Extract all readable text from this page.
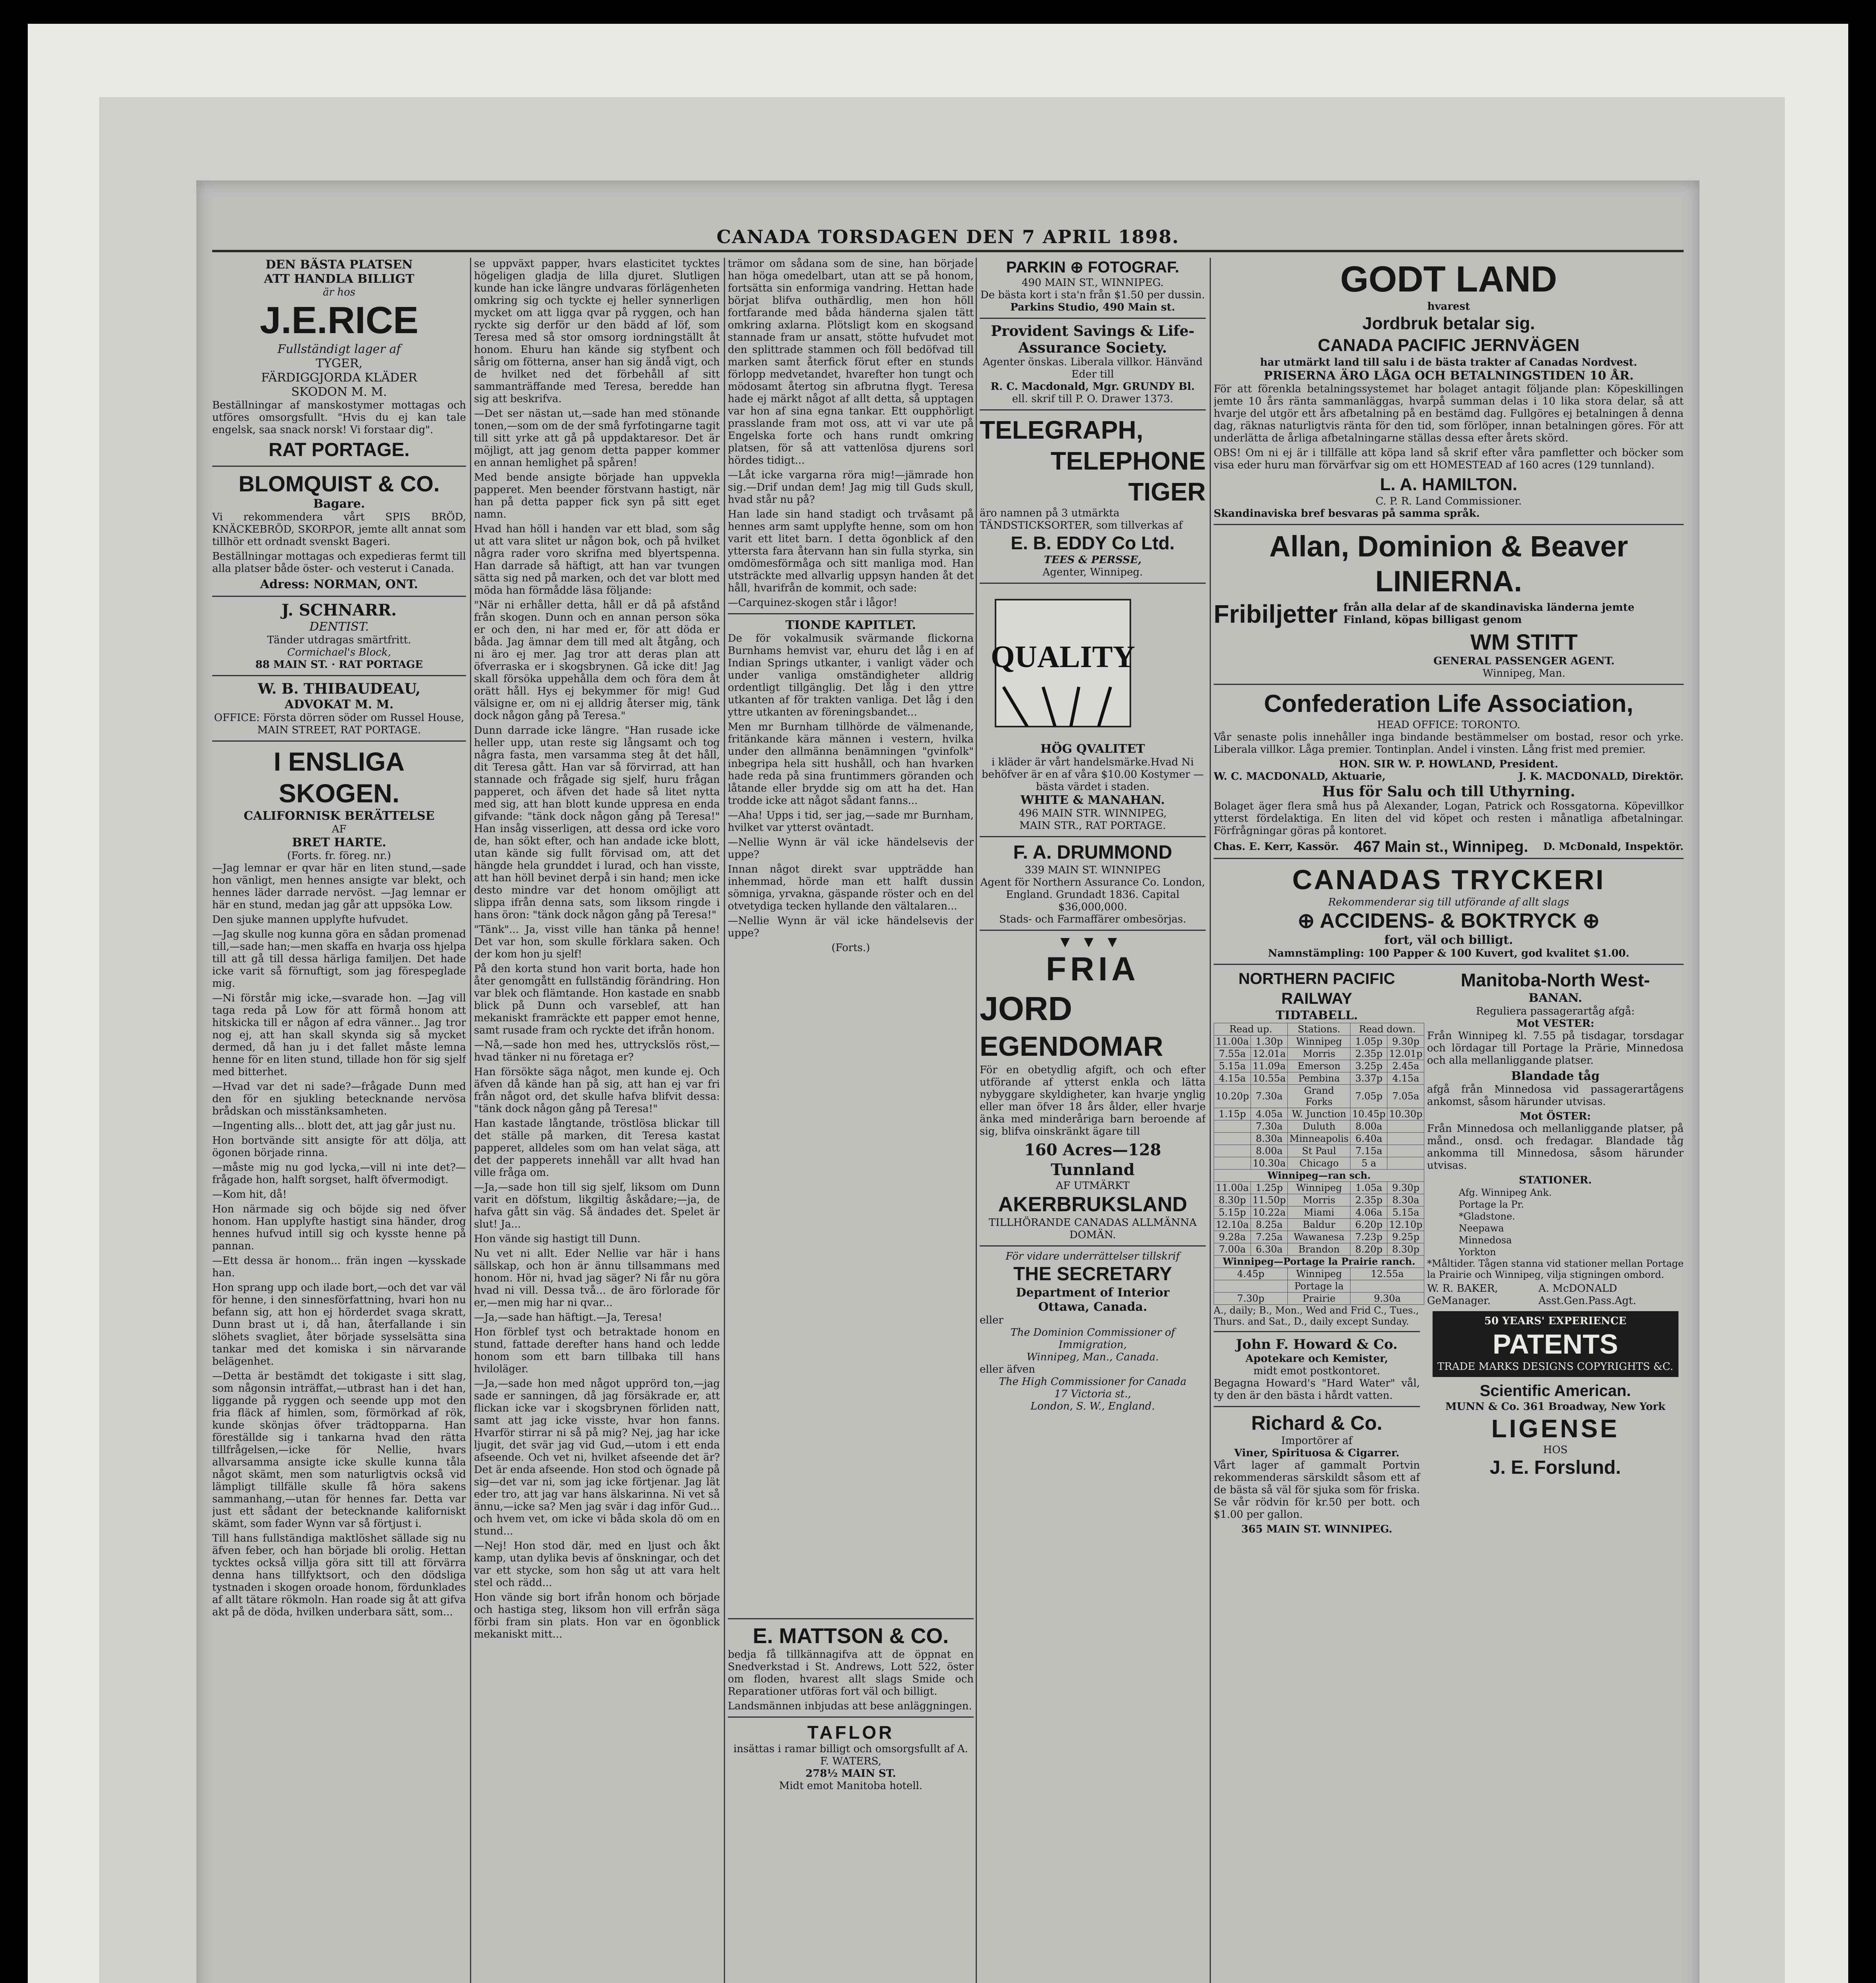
CANADA TORSDAGEN DEN 7 APRIL 1898.
DEN BÄSTA PLATSEN
ATT HANDLA BILLIGT
är hos
J.E.RICE
Fullständigt lager af
TYGER,
FÄRDIGGJORDA KLÄDER
SKODON M. M.

Beställningar af manskostymer mottagas och utföres omsorgsfullt. "Hvis du ej kan tale engelsk, saa snack norsk! Vi forstaar dig".

RAT PORTAGE.
BLOMQUIST & CO.
Bagare.

Vi rekommendera vårt SPIS BRÖD, KNÄCKEBRÖD, SKORPOR, jemte allt annat som tillhör ett ordnadt svenskt Bageri.

Beställningar mottagas och expedieras fermt till alla platser både öster- och vesterut i Canada.

Adress: NORMAN, ONT.
J. SCHNARR.
DENTIST.
Tänder utdragas smärtfritt.
Cormichael's Block,
88 MAIN ST. · RAT PORTAGE
W. B. THIBAUDEAU,
ADVOKAT M. M.
OFFICE: Första dörren söder om Russel House,
MAIN STREET, RAT PORTAGE.
I ENSLIGA SKOGEN.
CALIFORNISK BERÄTTELSE
AF
BRET HARTE.
(Forts. fr. föreg. nr.)

—Jag lemnar er qvar här en liten stund,—sade hon vänligt, men hennes ansigte var blekt, och hennes läder darrade nervöst. —Jag lemnar er här en stund, medan jag går att uppsöka Low.

Den sjuke mannen upplyfte hufvudet.

—Jag skulle nog kunna göra en sådan promenad till,—sade han;—men skaffa en hvarja oss hjelpa till att gå till dessa härliga familjen. Det hade icke varit så förnuftigt, som jag förespeglade mig.

—Ni förstår mig icke,—svarade hon. —Jag vill taga reda på Low för att förmå honom att hitskicka till er någon af edra vänner... Jag tror nog ej, att han skall skynda sig så mycket dermed, då han ju i det fallet måste lemna henne för en liten stund, tillade hon för sig sjelf med bitterhet.

—Hvad var det ni sade?—frågade Dunn med den för en sjukling betecknande nervösa brådskan och misstänksamheten.

—Ingenting alls... blott det, att jag går just nu.

Hon bortvände sitt ansigte för att dölja, att ögonen började rinna.

—måste mig nu god lycka,—vill ni inte det?—frågade hon, halft sorgset, halft öfvermodigt.

—Kom hit, då!

Hon närmade sig och böjde sig ned öfver honom. Han upplyfte hastigt sina händer, drog hennes hufvud intill sig och kysste henne på pannan.

—Ett dessa är honom... frän ingen —kysskade han.

Hon sprang upp och ilade bort,—och det var väl för henne, i den sinnesförfattning, hvari hon nu befann sig, att hon ej hörderdet svaga skratt, Dunn brast ut i, då han, återfallande i sin slöhets svagliet, åter började sysselsätta sina tankar med det komiska i sin närvarande belägenhet.

—Detta är bestämdt det tokigaste i sitt slag, som någonsin inträffat,—utbrast han i det han, liggande på ryggen och seende upp mot den fria fläck af himlen, som, förmörkad af rök, kunde skönjas öfver trädtopparna. Han föreställde sig i tankarna hvad den rätta tillfrågelsen,—icke för Nellie, hvars allvarsamma ansigte icke skulle kunna tåla något skämt, men som naturligtvis också vid lämpligt tillfälle skulle få höra sakens sammanhang,—utan för hennes far. Detta var just ett sådant der betecknande kaliforniskt skämt, som fader Wynn var så förtjust i.

Till hans fullständiga maktlöshet sällade sig nu äfven feber, och han började bli orolig. Hettan tycktes också villja göra sitt till att förvärra denna hans tillfyktsort, och den dödsliga tystnaden i skogen oroade honom, fördunklades af allt tätare rökmoln. Han roade sig åt att gifva akt på de döda, hvilken underbara sätt, som...

se uppväxt papper, hvars elasticitet tycktes högeligen gladja de lilla djuret. Slutligen kunde han icke längre undvaras förlägenheten omkring sig och tyckte ej heller synnerligen mycket om att ligga qvar på ryggen, och han ryckte sig derför ur den bädd af löf, som Teresa med så stor omsorg iordningställt åt honom. Ehuru han kände sig styfbent och sårig om fötterna, anser han sig ändå vigt, och de hvilket ned det förbehåll af sitt sammanträffande med Teresa, beredde han sig att beskrifva.

—Det ser nästan ut,—sade han med stönande tonen,—som om de der små fyrfotingarne tagit till sitt yrke att gå på uppdaktaresor. Det är möjligt, att jag genom detta papper kommer en annan hemlighet på spåren!

Med bende ansigte började han uppvekla papperet. Men beender förstvann hastigt, när han på detta papper fick syn på sitt eget namn.

Hvad han höll i handen var ett blad, som såg ut att vara slitet ur någon bok, och på hvilket några rader voro skrifna med blyertspenna. Han darrade så häftigt, att han var tvungen sätta sig ned på marken, och det var blott med möda han förmådde läsa följande:

"När ni erhåller detta, håll er då på afstånd från skogen. Dunn och en annan person söka er och den, ni har med er, för att döda er båda. Jag ämnar dem till med alt åtgång, och ni äro ej mer. Jag tror att deras plan att öfverraska er i skogsbrynen. Gå icke dit! Jag skall försöka uppehålla dem och föra dem åt orätt håll. Hys ej bekymmer för mig! Gud välsigne er, om ni ej alldrig återser mig, tänk dock någon gång på Teresa."

Dunn darrade icke längre. "Han rusade icke heller upp, utan reste sig långsamt och tog några fasta, men varsamma steg åt det håll, dit Teresa gått. Han var så förvirrad, att han stannade och frågade sig sjelf, huru frågan papperet, och äfven det hade så litet nytta med sig, att han blott kunde uppresa en enda gifvande: "tänk dock någon gång på Teresa!" Han insåg visserligen, att dessa ord icke voro de, han sökt efter, och han andade icke blott, utan kände sig fullt förvisad om, att det hängde hela grunddet i lurad, och han visste, att han höll bevinet derpå i sin hand; men icke desto mindre var det honom omöjligt att slippa ifrån denna sats, som liksom ringde i hans öron: "tänk dock någon gång på Teresa!"

"Tänk"... Ja, visst ville han tänka på henne! Det var hon, som skulle förklara saken. Och der kom hon ju sjelf!

På den korta stund hon varit borta, hade hon åter genomgått en fullständig förändring. Hon var blek och flämtande. Hon kastade en snabb blick på Dunn och varseblef, att han mekaniskt framräckte ett papper emot henne, samt rusade fram och ryckte det ifrån honom.

—Nå,—sade hon med hes, uttryckslös röst,—hvad tänker ni nu företaga er?

Han försökte säga något, men kunde ej. Och äfven då kände han på sig, att han ej var fri från något ord, det skulle hafva blifvit dessa: "tänk dock någon gång på Teresa!"

Han kastade långtande, tröstlösa blickar till det ställe på marken, dit Teresa kastat papperet, alldeles som om han velat säga, att det der papperets innehåll var allt hvad han ville fråga om.

—Ja,—sade hon till sig sjelf, liksom om Dunn varit en döfstum, likgiltig åskådare;—ja, de hafva gått sin väg. Så ändades det. Spelet är slut! Ja...

Hon vände sig hastigt till Dunn.

Nu vet ni allt. Eder Nellie var här i hans sällskap, och hon är ännu tillsammans med honom. Hör ni, hvad jag säger? Ni får nu göra hvad ni vill. Dessa två... de äro förlorade för er,—men mig har ni qvar...

—Ja,—sade han häftigt.—Ja, Teresa!

Hon förblef tyst och betraktade honom en stund, fattade derefter hans hand och ledde honom som ett barn tillbaka till hans hviloläger.

—Ja,—sade hon med något upprörd ton,—jag sade er sanningen, då jag försäkrade er, att flickan icke var i skogsbrynen förliden natt, samt att jag icke visste, hvar hon fanns. Hvarför stirrar ni så på mig? Nej, jag har icke ljugit, det svär jag vid Gud,—utom i ett enda afseende. Och vet ni, hvilket afseende det är? Det är enda afseende. Hon stod och ögnade på sig—det var ni, som jag icke förtjenar. Jag lät eder tro, att jag var hans älskarinna. Ni vet så ännu,—icke sa? Men jag svär i dag inför Gud... och hvem vet, om icke vi båda skola dö om en stund...

—Nej! Hon stod där, med en ljust och åkt kamp, utan dylika bevis af önskningar, och det var ett stycke, som hon såg ut att vara helt stel och rädd...

Hon vände sig bort ifrån honom och började och hastiga steg, liksom hon vill erfrån säga förbi fram sin plats. Hon var en ögonblick mekaniskt mitt...

trämor om sådana som de sine, han började han höga omedelbart, utan att se på honom, fortsätta sin enformiga vandring. Hettan hade börjat blifva outhärdlig, men hon höll fortfarande med båda händerna sjalen tätt omkring axlarna. Plötsligt kom en skogsand stannade fram ur ansatt, stötte hufvudet mot den splittrade stammen och föll bedöfvad till marken samt återfick förut efter en stunds förlopp medvetandet, hvarefter hon tungt och mödosamt återtog sin afbrutna flygt. Teresa hade ej märkt något af allt detta, så upptagen var hon af sina egna tankar. Ett oupphörligt prasslande fram mot oss, att vi var ute på Engelska forte och hans rundt omkring platsen, för så att vattenlösa djurens sorl hördes tidigt...

—Låt icke vargarna röra mig!—jämrade hon sig.—Drif undan dem! Jag mig till Guds skull, hvad står nu på?

Han lade sin hand stadigt och trvåsamt på hennes arm samt upplyfte henne, som om hon varit ett litet barn. I detta ögonblick af den yttersta fara återvann han sin fulla styrka, sin omdömesförmåga och sitt manliga mod. Han utsträckte med allvarlig uppsyn handen åt det håll, hvarifrån de kommit, och sade:

—Carquinez-skogen står i lågor!

TIONDE KAPITLET.

De för vokalmusik svärmande flickorna Burnhams hemvist var, ehuru det låg i en af Indian Springs utkanter, i vanligt väder och under vanliga omständigheter alldrig ordentligt tillgänglig. Det låg i den yttre utkanten af för trakten vanliga. Det låg i den yttre utkanten av föreningsbandet...

Men mr Burnham tillhörde de välmenande, fritänkande kära männen i vestern, hvilka under den allmänna benämningen "gvinfolk" inbegripa hela sitt hushåll, och han hvarken hade reda på sina fruntimmers göranden och låtande eller brydde sig om att ha det. Han trodde icke att något sådant fanns...

—Aha! Upps i tid, ser jag,—sade mr Burnham, hvilket var ytterst oväntadt.

—Nellie Wynn är väl icke händelsevis der uppe?

Innan något direkt svar uppträdde han inhemmad, hörde man ett halft dussin sömniga, yrvakna, gäspande röster och en del otvetydiga tecken hyllande den vältalaren...

—Nellie Wynn är väl icke händelsevis der uppe?

(Forts.)
E. MATTSON & CO.

bedja få tillkännagifva att de öppnat en Snedverkstad i St. Andrews, Lott 522, öster om floden, hvarest allt slags Smide och Reparationer utföras fort väl och billigt.

Landsmännen inbjudas att bese anläggningen.

TAFLOR
insättas i ramar billigt och omsorgsfullt af A. F. WATERS,
278½ MAIN ST.
Midt emot Manitoba hotell.
PARKIN ⊕ FOTOGRAF.
490 MAIN ST., WINNIPEG.
De bästa kort i sta'n från $1.50 per dussin.
Parkins Studio, 490 Main st.
Provident Savings & Life-Assurance Society.
Agenter önskas. Liberala villkor. Hänvänd Eder till
R. C. Macdonald, Mgr. GRUNDY Bl.
ell. skrif till P. O. Drawer 1373.
TELEGRAPH,
TELEPHONE
TIGER
äro namnen på 3 utmärkta TÄNDSTICKSORTER, som tillverkas af
E. B. EDDY Co Ltd.
TEES & PERSSE,
Agenter, Winnipeg.
QUALITY
HÖG QVALITET
i kläder är vårt handelsmärke.Hvad Ni behöfver är en af våra $10.00 Kostymer — bästa värdet i staden.
WHITE & MANAHAN.
496 MAIN STR. WINNIPEG,
MAIN STR., RAT PORTAGE.
F. A. DRUMMOND
339 MAIN ST. WINNIPEG
Agent för Northern Assurance Co. London, England. Grundadt 1836. Capital $36,000,000.
Stads- och Farmaffärer ombesörjas.
▼▼▼
FRIA
JORD
EGENDOMAR

För en obetydlig afgift, och och efter utförande af ytterst enkla och lätta nybyggare skyldigheter, kan hvarje ynglig eller man öfver 18 års ålder, eller hvarje änka med minderåriga barn beroende af sig, blifva oinskränkt ägare till

160 Acres—128 Tunnland
AF UTMÄRKT
AKERBRUKSLAND
TILLHÖRANDE CANADAS ALLMÄNNA DOMÄN.
För vidare underrättelser tillskrif
THE SECRETARY
Department of Interior
Ottawa, Canada.
eller
The Dominion Commissioner of Immigration,
Winnipeg, Man., Canada.
eller äfven
The High Commissioner for Canada
17 Victoria st.,
London, S. W., England.
GODT LAND
hvarest
Jordbruk betalar sig.
CANADA PACIFIC JERNVÄGEN
har utmärkt land till salu i de bästa trakter af Canadas Nordvest.
PRISERNA ÄRO LÅGA OCH BETALNINGSTIDEN 10 ÅR.

För att förenkla betalningssystemet har bolaget antagit följande plan: Köpeskillingen jemte 10 års ränta sammanläggas, hvarpå summan delas i 10 lika stora delar, så att hvarje del utgör ett års afbetalning på en bestämd dag. Fullgöres ej betalningen å denna dag, räknas naturligtvis ränta för den tid, som förlöper, innan betalningen göres. För att underlätta de årliga afbetalningarne ställas dessa efter årets skörd.

OBS! Om ni ej är i tillfälle att köpa land så skrif efter våra pamfletter och böcker som visa eder huru man förvärfvar sig om ett HOMESTEAD af 160 acres (129 tunnland).

L. A. HAMILTON.
C. P. R. Land Commissioner.
Skandinaviska bref besvaras på samma språk.
Allan, Dominion & Beaver
LINIERNA.
Fribiljetter från alla delar af de skandinaviska länderna jemte Finland, köpas billigast genom
WM STITT
GENERAL PASSENGER AGENT.
Winnipeg, Man.
Confederation Life Association,
HEAD OFFICE: TORONTO.

Vår senaste polis innehåller inga bindande bestämmelser om bostad, resor och yrke. Liberala villkor. Låga premier. Tontinplan. Andel i vinsten. Lång frist med premier.

HON. SIR W. P. HOWLAND, President.
W. C. MACDONALD, Aktuarie,	J. K. MACDONALD, Direktör.
Hus för Salu och till Uthyrning.

Bolaget äger flera små hus på Alexander, Logan, Patrick och Rossgatorna. Köpevillkor ytterst fördelaktiga. En liten del vid köpet och resten i månatliga afbetalningar. Förfrågningar göras på kontoret.

Chas. E. Kerr, Kassör. 467 Main st., Winnipeg. D. McDonald, Inspektör.
CANADAS TRYCKERI
Rekommenderar sig till utförande af allt slags
⊕ ACCIDENS- & BOKTRYCK ⊕
fort, väl och billigt.
Namnstämpling: 100 Papper & 100 Kuvert, god kvalitet $1.00.
NORTHERN PACIFIC RAILWAY
TIDTABELL.
Read up.		Stations.	Read down.	
11.00a	1.30p	Winnipeg	1.05p	9.30p
7.55a	12.01a	Morris	2.35p	12.01p
5.15a	11.09a	Emerson	3.25p	2.45a
4.15a	10.55a	Pembina	3.37p	4.15a
10.20p	7.30a	Grand Forks	7.05p	7.05a
1.15p	4.05a	W. Junction	10.45p	10.30p
	7.30a	Duluth	8.00a	
	8.30a	Minneapolis	6.40a	
	8.00a	St Paul	7.15a	
	10.30a	Chicago	5 a	
Winnipeg—ran sch.				
11.00a	1.25p	Winnipeg	1.05a	9.30p
8.30p	11.50p	Morris	2.35p	8.30a
5.15p	10.22a	Miami	4.06a	5.15a
12.10a	8.25a	Baldur	6.20p	12.10p
9.28a	7.25a	Wawanesa	7.23p	9.25p
7.00a	6.30a	Brandon	8.20p	8.30p
Winnipeg—Portage la Prairie ranch.				
4.45p		Winnipeg	12.55a	
		Portage la		
7.30p		Prairie	9.30a	
A., daily; B., Mon., Wed and Frid C., Tues., Thurs. and Sat., D., daily except Sunday.
John F. Howard & Co.
Apotekare och Kemister,
midt emot postkontoret.

Begagna Howard's "Hard Water" vål, ty den är den bästa i hårdt vatten.

Richard & Co.
Importörer af
Viner, Spirituosa & Cigarrer.

Vårt lager af gammalt Portvin rekommenderas särskildt såsom ett af de bästa så väl för sjuka som för friska. Se vår rödvin för kr.50 per bott. och $1.00 per gallon.

365 MAIN ST. WINNIPEG.
Manitoba-North West-
BANAN.
Reguliera passagerartåg afgå:
Mot VESTER:

Från Winnipeg kl. 7.55 på tisdagar, torsdagar och lördagar till Portage la Prärie, Minnedosa och alla mellanliggande platser.

Blandade tåg

afgå från Minnedosa vid passagerartågens ankomst, såsom härunder utvisas.

Mot ÖSTER:

Från Minnedosa och mellanliggande platser, på månd., onsd. och fredagar. Blandade tåg ankomma till Minnedosa, såsom härunder utvisas.

STATIONER.
Afg. Winnipeg Ank.
Portage la Pr.
*Gladstone.
Neepawa
Minnedosa
Yorkton

*Måltider. Tågen stanna vid stationer mellan Portage la Prairie och Winnipeg, vilja stigningen ombord.

W. R. BAKER, GeManager.
A. McDONALD Asst.Gen.Pass.Agt.
50 YEARS' EXPERIENCE
PATENTS
TRADE MARKS DESIGNS COPYRIGHTS &C.
Scientific American.
MUNN & Co. 361 Broadway, New York
LIGENSE
HOS
J. E. Forslund.
